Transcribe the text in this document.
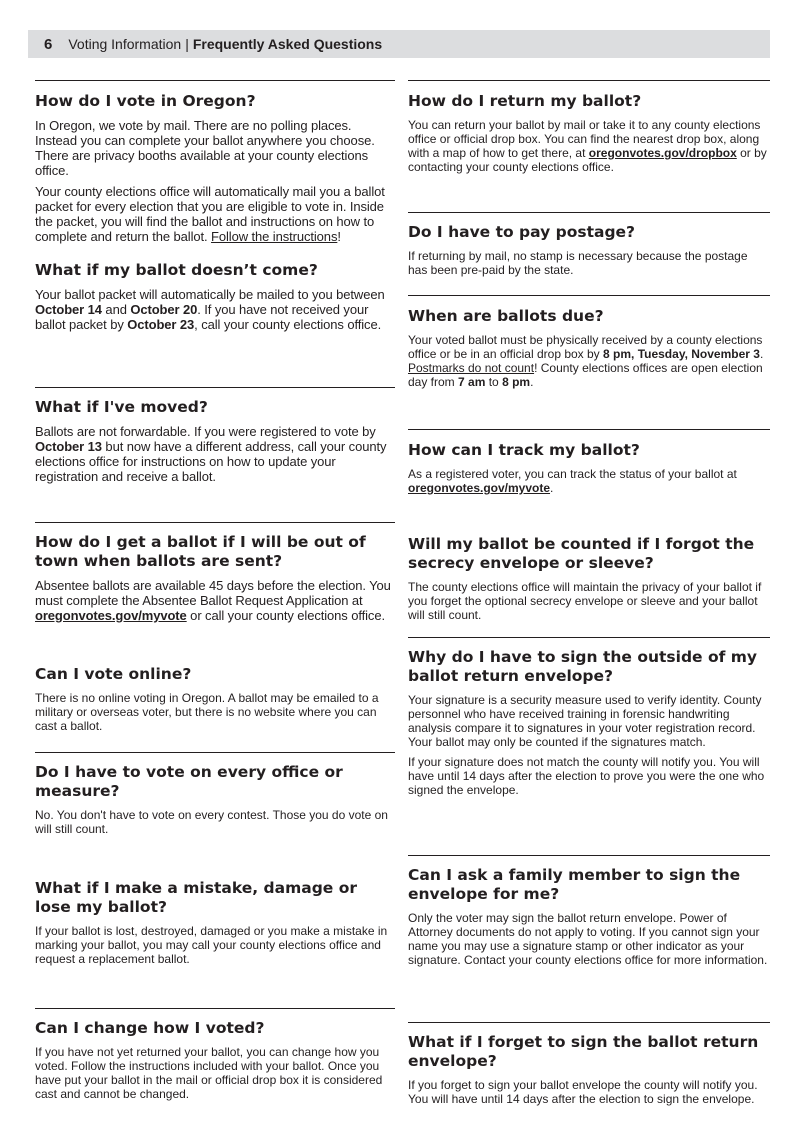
6 Voting Information | Frequently Asked Questions
How do I vote in Oregon?

In Oregon, we vote by mail. There are no polling places. Instead you can complete your ballot anywhere you choose. There are privacy booths available at your county elections office.

Your county elections office will automatically mail you a ballot packet for every election that you are eligible to vote in. Inside the packet, you will find the ballot and instructions on how to complete and return the ballot. Follow the instructions!

What if my ballot doesn’t come?

Your ballot packet will automatically be mailed to you between October 14 and October 20. If you have not received your ballot packet by October 23, call your county elections office.

What if I've moved?

Ballots are not forwardable. If you were registered to vote by October 13 but now have a different address, call your county elections office for instructions on how to update your registration and receive a ballot.

How do I get a ballot if I will be out of town when ballots are sent?

Absentee ballots are available 45 days before the election. You must complete the Absentee Ballot Request Application at oregonvotes.gov/myvote or call your county elections office.

Can I vote online?

There is no online voting in Oregon. A ballot may be emailed to a military or overseas voter, but there is no website where you can cast a ballot.

Do I have to vote on every office or measure?

No. You don't have to vote on every contest. Those you do vote on will still count.

What if I make a mistake, damage or lose my ballot?

If your ballot is lost, destroyed, damaged or you make a mistake in marking your ballot, you may call your county elections office and request a replacement ballot.

Can I change how I voted?

If you have not yet returned your ballot, you can change how you voted. Follow the instructions included with your ballot. Once you have put your ballot in the mail or official drop box it is considered cast and cannot be changed.

How do I return my ballot?

You can return your ballot by mail or take it to any county elections office or official drop box. You can find the nearest drop box, along with a map of how to get there, at oregonvotes.gov/dropbox or by contacting your county elections office.

Do I have to pay postage?

If returning by mail, no stamp is necessary because the postage has been pre-paid by the state.

When are ballots due?

Your voted ballot must be physically received by a county elections office or be in an official drop box by 8 pm, Tuesday, November 3. Postmarks do not count! County elections offices are open election day from 7 am to 8 pm.

How can I track my ballot?

As a registered voter, you can track the status of your ballot at oregonvotes.gov/myvote.

Will my ballot be counted if I forgot the secrecy envelope or sleeve?

The county elections office will maintain the privacy of your ballot if you forget the optional secrecy envelope or sleeve and your ballot will still count.

Why do I have to sign the outside of my ballot return envelope?

Your signature is a security measure used to verify identity. County personnel who have received training in forensic handwriting analysis compare it to signatures in your voter registration record. Your ballot may only be counted if the signatures match.

If your signature does not match the county will notify you. You will have until 14 days after the election to prove you were the one who signed the envelope.

Can I ask a family member to sign the envelope for me?

Only the voter may sign the ballot return envelope. Power of Attorney documents do not apply to voting. If you cannot sign your name you may use a signature stamp or other indicator as your signature. Contact your county elections office for more information.

What if I forget to sign the ballot return envelope?

If you forget to sign your ballot envelope the county will notify you. You will have until 14 days after the election to sign the envelope.
